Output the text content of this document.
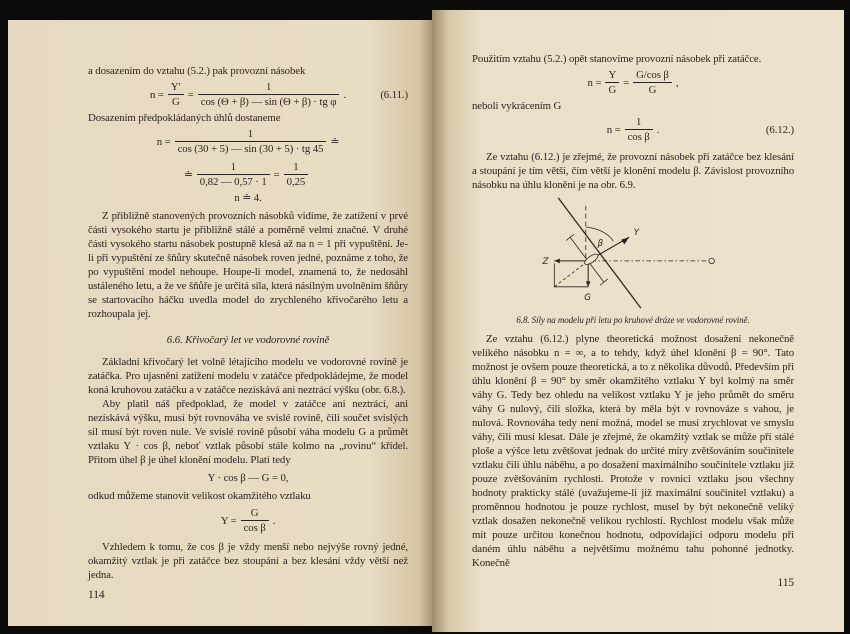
a dosazením do vztahu (5.2.) pak provozní násobek

$n = \frac{Y'}{G} = \frac{1}{\text{cos (Θ + β) — sin (Θ + β) · tg φ}}$ .	(6.11.)

Dosazením předpokládaných úhlů dostaneme

$n = \frac{1}{\cos (30 + 5) — \sin (30 + 5) \cdot tg 45}$ ≐
≐ $\frac{1}{0,82 — 0,57 \cdot 1} = \frac{1}{0,25}$

n ≐ 4.

Z přibližně stanovených provozních násobků vidíme, že zatížení v prvé části vysokého startu je přibližně stálé a poměrně velmi značné. V druhé části vysokého startu násobek postupně klesá až na n = 1 při vypuštění. Je-li při vypuštění ze šňůry skutečně násobek roven jedné, poznáme z toho, že po vypuštění model nehoupe. Houpe-li model, znamená to, že nedosáhl ustáleného letu, a že ve šňůře je určitá síla, která násilným uvolněním šňůry se startovacího háčku uvedla model do zrychleného křivočarého letu a rozhoupala jej.

6.6. Křivočarý let ve vodorovné rovině

Základní křivočarý let volně létajícího modelu ve vodorovné rovině je zatáčka. Pro ujasnění zatížení modelu v zatáčce předpokládejme, že model koná kruhovou zatáčku a v zatáčce nezískává ani neztrácí výšku (obr. 6.8.).

Aby platil náš předpoklad, že model v zatáčce ani neztrácí, ani nezískává výšku, musí být rovnováha ve svislé rovině, čili součet svislých sil musí být roven nule. Ve svislé rovině působí váha modelu G a průmět vztlaku Y · cos β, neboť vztlak působí stále kolmo na „rovinu“ křídel. Přitom úhel β je úhel klonění modelu. Platí tedy

Y · cos β — G = 0,

odkud můžeme stanovit velikost okamžitého vztlaku

$Y = \frac{G}{\text{cos β}}$ .

Vzhledem k tomu, že cos β je vždy menší nebo nejvýše rovný jedné, okamžitý vztlak je při zatáčce bez stoupání a bez klesání vždy větší než jedna.

114

Použitím vztahu (5.2.) opět stanovíme provozní násobek při zatáčce.

$n = \frac{Y}{G} = \frac{\text{G/cos β}}{G}$ ,

neboli vykrácením G

$n = \frac{1}{\text{cos β}}$ .	(6.12.)

Ze vztahu (6.12.) je zřejmé, že provozní násobek při zatáčce bez klesání a stoupání je tím větší, čím větší je klonění modelu β. Závislost provozního násobku na úhlu klonění je na obr. 6.9.

Y
β
Z
G

6.8. Síly na modelu při letu po kruhové dráze ve vodorovné rovině.

Ze vztahu (6.12.) plyne theoretická možnost dosažení nekonečně velikého násobku n = ∞, a to tehdy, když úhel klonění β = 90°. Tato možnost je ovšem pouze theoretická, a to z několika důvodů. Především při úhlu klonění β = 90° by směr okamžitého vztlaku Y byl kolmý na směr váhy G. Tedy bez ohledu na velikost vztlaku Y je jeho průmět do směru váhy G nulový, čili složka, která by měla být v rovnováze s vahou, je nulová. Rovnováha tedy není možná, model se musí zrychlovat ve smyslu váhy, čili musí klesat. Dále je zřejmé, že okamžitý vztlak se může při stálé ploše a výšce letu zvětšovat jednak do určité míry zvětšováním součinitele vztlaku čili úhlu náběhu, a po dosažení maximálního součinitele vztlaku již pouze zvětšováním rychlosti. Protože v rovnici vztlaku jsou všechny hodnoty prakticky stálé (uvažujeme-li již maximální součinitel vztlaku) a proměnnou hodnotou je pouze rychlost, musel by být nekonečně veliký vztlak dosažen nekonečně velikou rychlostí. Rychlost modelu však může mít pouze určitou konečnou hodnotu, odpovídající odporu modelu při daném úhlu náběhu a největšímu možnému tahu pohonné jednotky. Konečně

115
